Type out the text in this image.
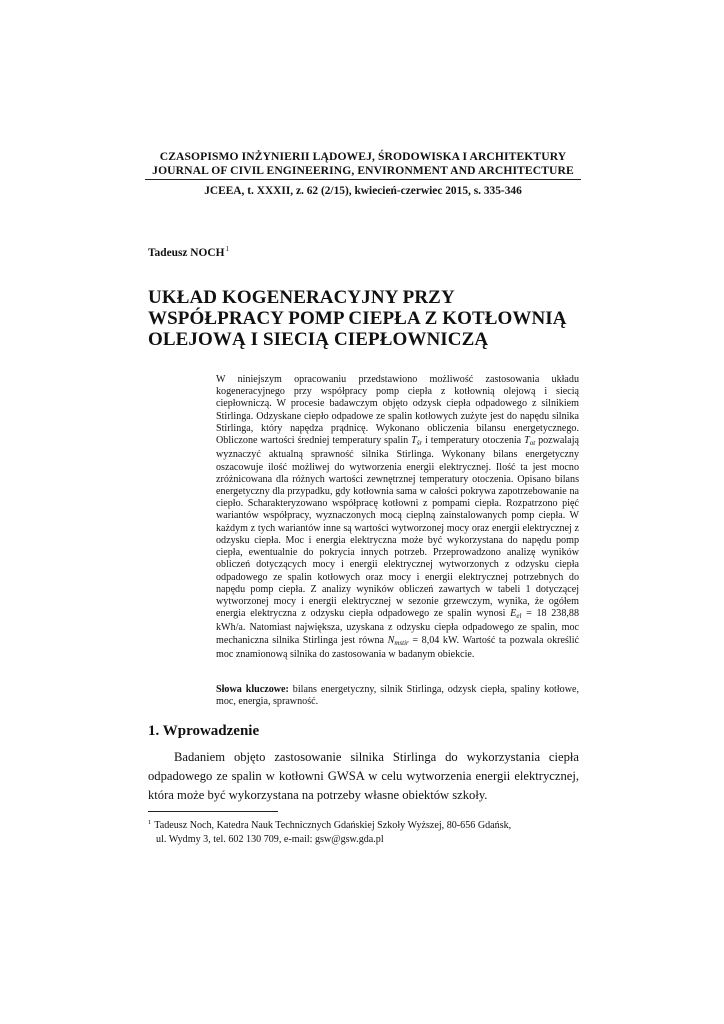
CZASOPISMO INŻYNIERII LĄDOWEJ, ŚRODOWISKA I ARCHITEKTURY
JOURNAL OF CIVIL ENGINEERING, ENVIRONMENT AND ARCHITECTURE
JCEEA, t. XXXII, z. 62 (2/15), kwiecień-czerwiec 2015, s. 335-346
Tadeusz NOCH$^1$
UKŁAD KOGENERACYJNY PRZY
WSPÓŁPRACY POMP CIEPŁA Z KOTŁOWNIĄ
OLEJOWĄ I SIECIĄ CIEPŁOWNICZĄ

W niniejszym opracowaniu przedstawiono możliwość zastosowania układu kogeneracyjnego przy współpracy pomp ciepła z kotłownią olejową i siecią ciepłowniczą. W procesie badawczym objęto odzysk ciepła odpadowego z silnikiem Stirlinga. Odzyskane ciepło odpadowe ze spalin kotłowych zużyte jest do napędu silnika Stirlinga, który napędza prądnicę. Wykonano obliczenia bilansu energetycznego. Obliczone wartości średniej temperatury spalin $T_{śr}$ i temperatury otoczenia $T_{ot}$ pozwalają wyznaczyć aktualną sprawność silnika Stirlinga. Wykonany bilans energetyczny oszacowuje ilość możliwej do wytworzenia energii elektrycznej. Ilość ta jest mocno zróżnicowana dla różnych wartości zewnętrznej temperatury otoczenia. Opisano bilans energetyczny dla przypadku, gdy kotłownia sama w całości pokrywa zapotrzebowanie na ciepło. Scharakteryzowano współpracę kotłowni z pompami ciepła. Rozpatrzono pięć wariantów współpracy, wyznaczonych mocą cieplną zainstalowanych pomp ciepła. W każdym z tych wariantów inne są wartości wytworzonej mocy oraz energii elektrycznej z odzysku ciepła. Moc i energia elektryczna może być wykorzystana do napędu pomp ciepła, ewentualnie do pokrycia innych potrzeb. Przeprowadzono analizę wyników obliczeń dotyczących mocy i energii elektrycznej wytworzonych z odzysku ciepła odpadowego ze spalin kotłowych oraz mocy i energii elektrycznej potrzebnych do napędu pomp ciepła. Z analizy wyników obliczeń zawartych w tabeli 1 dotyczącej wytworzonej mocy i energii elektrycznej w sezonie grzewczym, wynika, że ogółem energia elektryczna z odzysku ciepła odpadowego ze spalin wynosi $E_{el} = 18$ 238,88 kWh/a. Natomiast największa, uzyskana z odzysku ciepła odpadowego ze spalin, moc mechaniczna silnika Stirlinga jest równa $N_{mstir} = 8,04$ kW. Wartość ta pozwala określić moc znamionową silnika do zastosowania w badanym obiekcie.

Słowa kluczowe: bilans energetyczny, silnik Stirlinga, odzysk ciepła, spaliny kotłowe, moc, energia, sprawność.
1. Wprowadzenie

Badaniem objęto zastosowanie silnika Stirlinga do wykorzystania ciepła odpadowego ze spalin w kotłowni GWSA w celu wytworzenia energii elektrycznej, która może być wykorzystana na potrzeby własne obiektów szkoły.

$^1$ Tadeusz Noch, Katedra Nauk Technicznych Gdańskiej Szkoły Wyższej, 80-656 Gdańsk,
ul. Wydmy 3, tel. 602 130 709, e-mail: gsw@gsw.gda.pl
